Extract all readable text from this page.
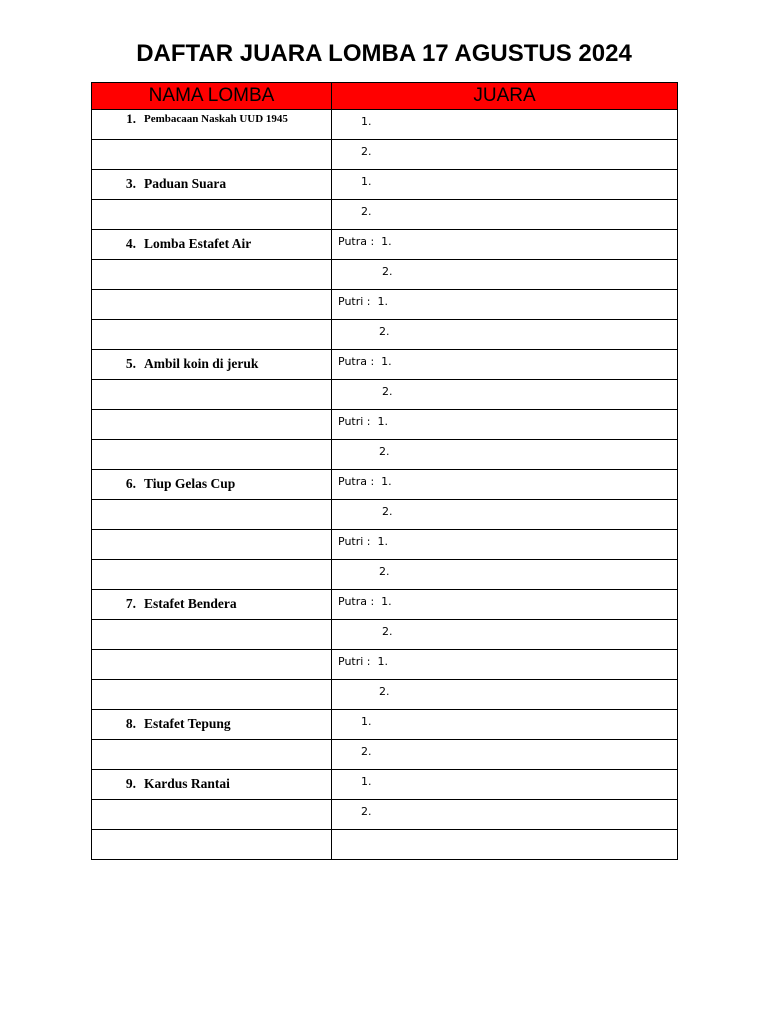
DAFTAR JUARA LOMBA 17 AGUSTUS 2024
NAMA LOMBA	JUARA

1. Pembacaan Naskah UUD 1945	1.

	2.

3. Paduan Suara	1.

	2.

4. Lomba Estafet Air	Putra :  1.

	2.

	Putri :  1.

	2.

5. Ambil koin di jeruk	Putra :  1.

	2.

	Putri :  1.

	2.

6. Tiup Gelas Cup	Putra :  1.

	2.

	Putri :  1.

	2.

7. Estafet Bendera	Putra :  1.

	2.

	Putri :  1.

	2.

8. Estafet Tepung	1.

	2.

9. Kardus Rantai	1.

	2.
